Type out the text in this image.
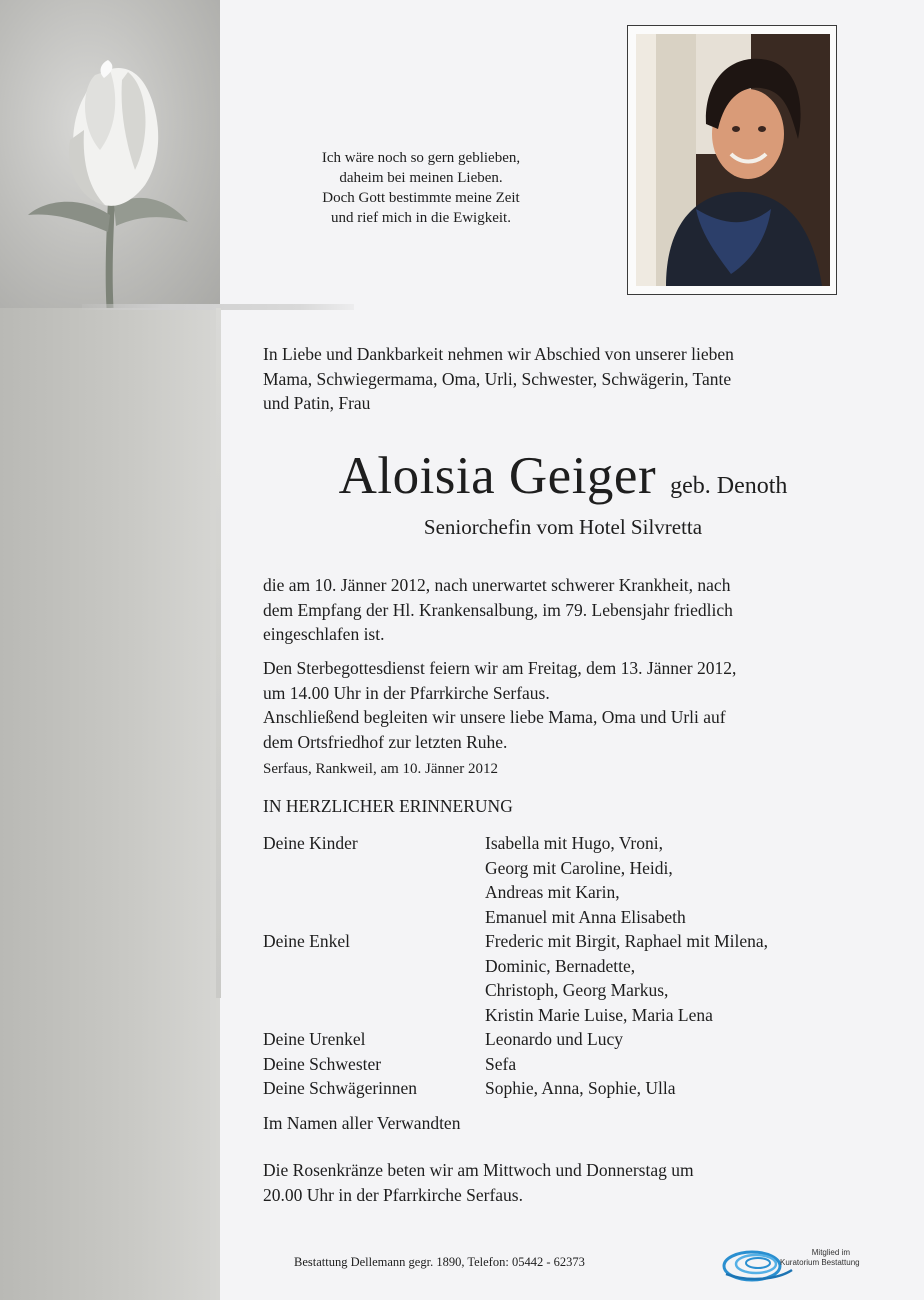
Ich wäre noch so gern geblieben,
daheim bei meinen Lieben.
Doch Gott bestimmte meine Zeit
und rief mich in die Ewigkeit.
In Liebe und Dankbarkeit nehmen wir Abschied von unserer lieben
Mama, Schwiegermama, Oma, Urli, Schwester, Schwägerin, Tante
und Patin, Frau
Aloisia Geiger geb. Denoth
Seniorchefin vom Hotel Silvretta
die am 10. Jänner 2012, nach unerwartet schwerer Krankheit, nach
dem Empfang der Hl. Krankensalbung, im 79. Lebensjahr friedlich
eingeschlafen ist.
Den Sterbegottesdienst feiern wir am Freitag, dem 13. Jänner 2012,
um 14.00 Uhr in der Pfarrkirche Serfaus.
Anschließend begleiten wir unsere liebe Mama, Oma und Urli auf
dem Ortsfriedhof zur letzten Ruhe.
Serfaus, Rankweil, am 10. Jänner 2012
IN HERZLICHER ERINNERUNG
Deine Kinder	Isabella mit Hugo, Vroni,
Georg mit Caroline, Heidi,
Andreas mit Karin,
Emanuel mit Anna Elisabeth
Deine Enkel	Frederic mit Birgit, Raphael mit Milena,
Dominic, Bernadette,
Christoph, Georg Markus,
Kristin Marie Luise, Maria Lena
Deine Urenkel	Leonardo und Lucy
Deine Schwester	Sefa
Deine Schwägerinnen	Sophie, Anna, Sophie, Ulla
Im Namen aller Verwandten
Die Rosenkränze beten wir am Mittwoch und Donnerstag um
20.00 Uhr in der Pfarrkirche Serfaus.
Bestattung Dellemann gegr. 1890, Telefon: 05442 - 62373
Mitglied im
Kuratorium Bestattung
